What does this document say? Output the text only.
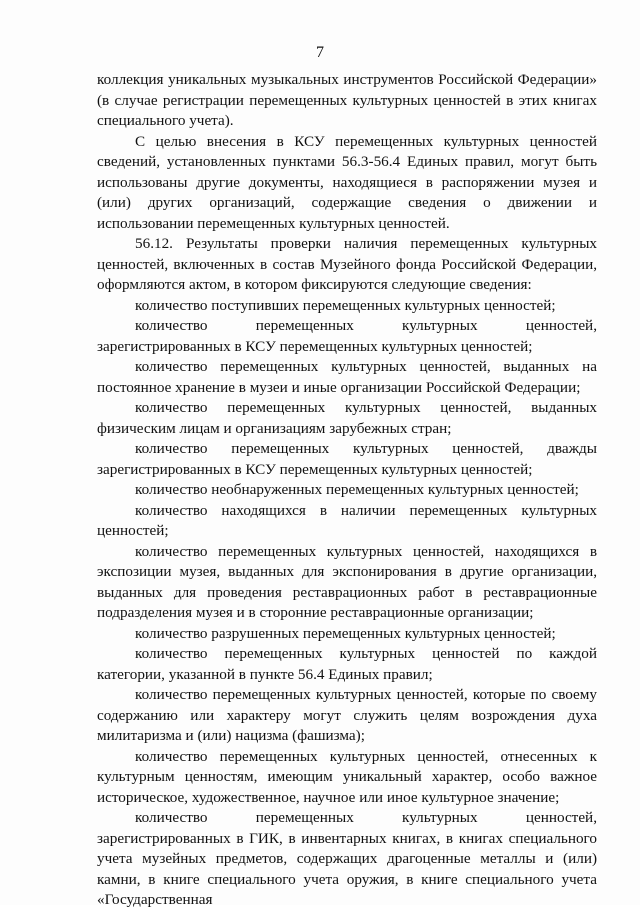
7

коллекция уникальных музыкальных инструментов Российской Федерации» (в случае регистрации перемещенных культурных ценностей в этих книгах специального учета).

С целью внесения в КСУ перемещенных культурных ценностей сведений, установленных пунктами 56.3-56.4 Единых правил, могут быть использованы другие документы, находящиеся в распоряжении музея и (или) других организаций, содержащие сведения о движении и использовании перемещенных культурных ценностей.

56.12. Результаты проверки наличия перемещенных культурных ценностей, включенных в состав Музейного фонда Российской Федерации, оформляются актом, в котором фиксируются следующие сведения:

количество поступивших перемещенных культурных ценностей;

количество перемещенных культурных ценностей, зарегистрированных в КСУ перемещенных культурных ценностей;

количество перемещенных культурных ценностей, выданных на постоянное хранение в музеи и иные организации Российской Федерации;

количество перемещенных культурных ценностей, выданных физическим лицам и организациям зарубежных стран;

количество перемещенных культурных ценностей, дважды зарегистрированных в КСУ перемещенных культурных ценностей;

количество необнаруженных перемещенных культурных ценностей;

количество находящихся в наличии перемещенных культурных ценностей;

количество перемещенных культурных ценностей, находящихся в экспозиции музея, выданных для экспонирования в другие организации, выданных для проведения реставрационных работ в реставрационные подразделения музея и в сторонние реставрационные организации;

количество разрушенных перемещенных культурных ценностей;

количество перемещенных культурных ценностей по каждой категории, указанной в пункте 56.4 Единых правил;

количество перемещенных культурных ценностей, которые по своему содержанию или характеру могут служить целям возрождения духа милитаризма и (или) нацизма (фашизма);

количество перемещенных культурных ценностей, отнесенных к культурным ценностям, имеющим уникальный характер, особо важное историческое, художественное, научное или иное культурное значение;

количество перемещенных культурных ценностей, зарегистрированных в ГИК, в инвентарных книгах, в книгах специального учета музейных предметов, содержащих драгоценные металлы и (или) камни, в книге специального учета оружия, в книге специального учета «Государственная
